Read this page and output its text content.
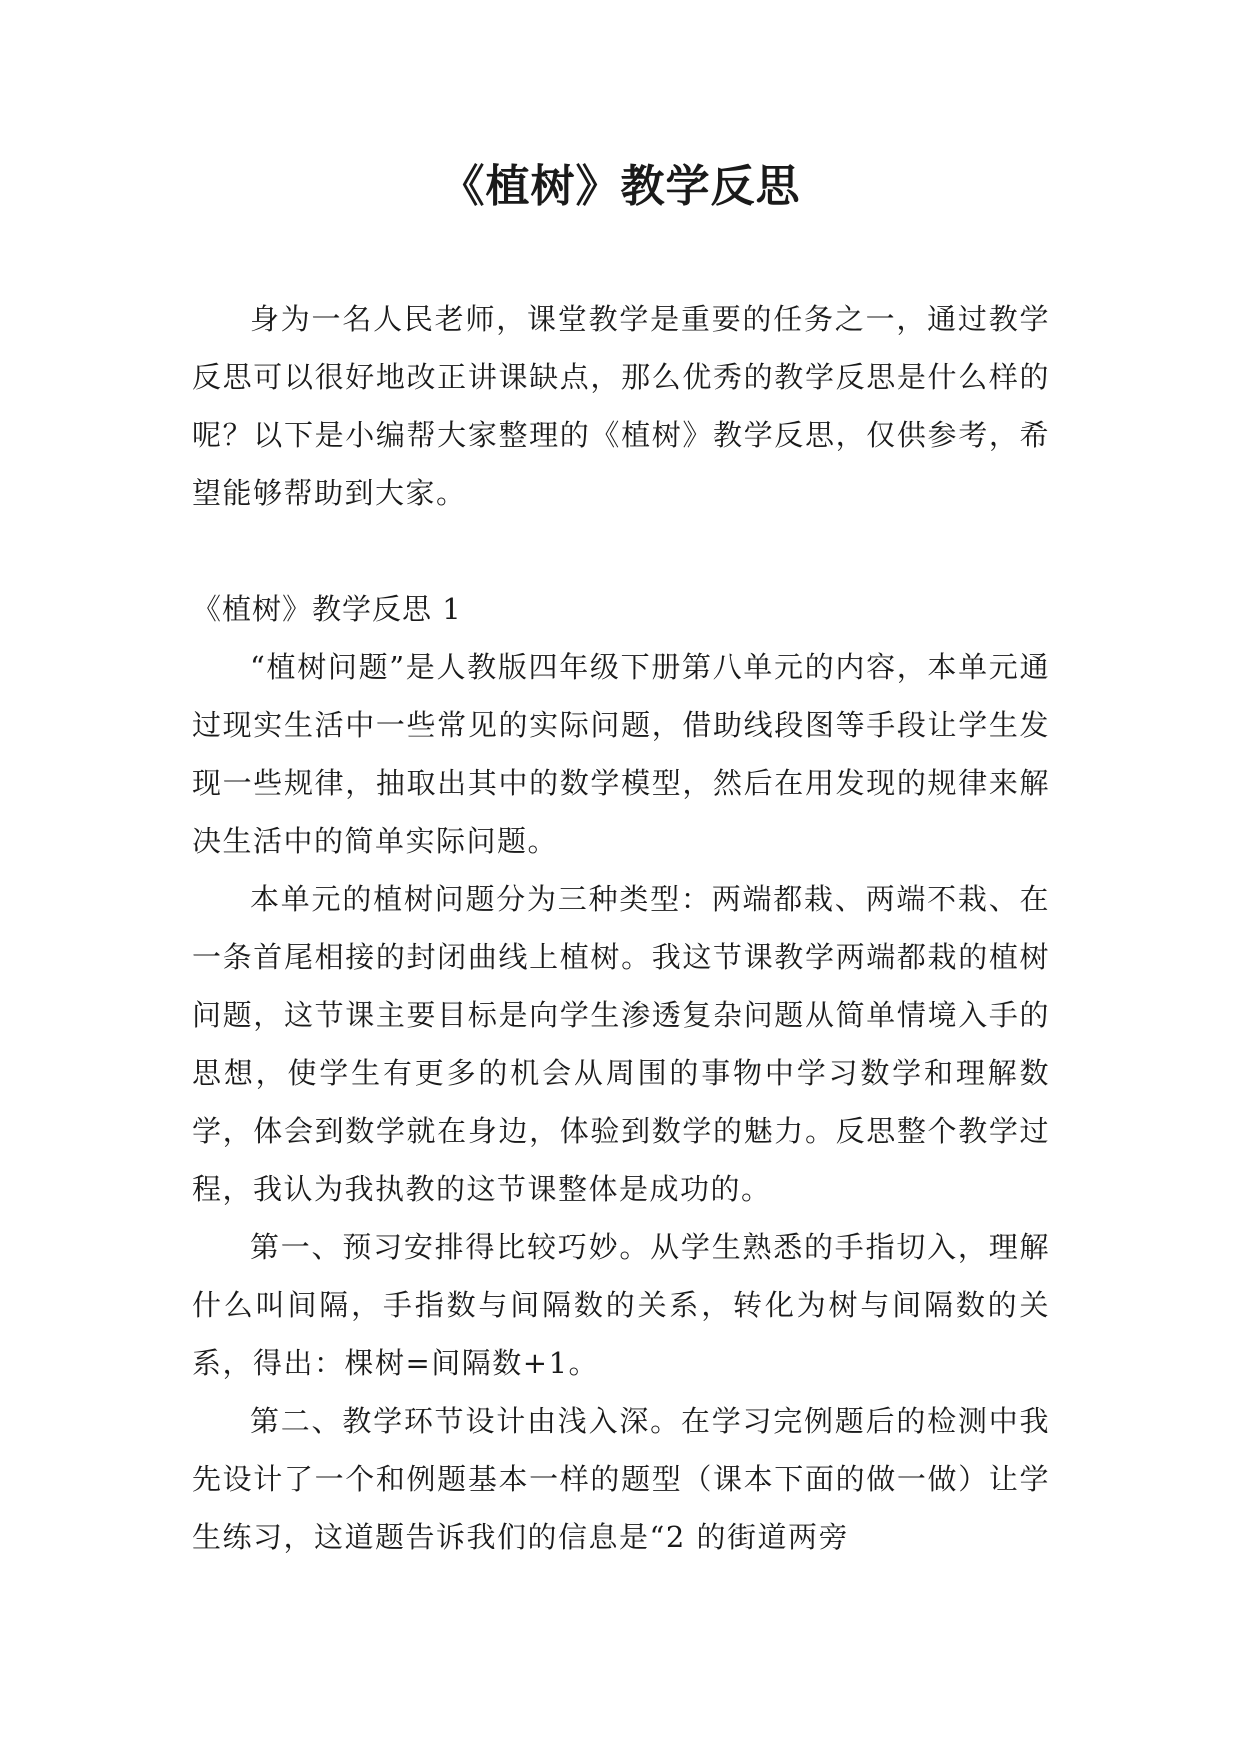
《植树》教学反思

身为一名人民老师，课堂教学是重要的任务之一，通过教学反思可以很好地改正讲课缺点，那么优秀的教学反思是什么样的呢？以下是小编帮大家整理的《植树》教学反思，仅供参考，希望能够帮助到大家。

《植树》教学反思 1

“植树问题”是人教版四年级下册第八单元的内容，本单元通过现实生活中一些常见的实际问题，借助线段图等手段让学生发现一些规律，抽取出其中的数学模型，然后在用发现的规律来解决生活中的简单实际问题。

本单元的植树问题分为三种类型：两端都栽、两端不栽、在一条首尾相接的封闭曲线上植树。我这节课教学两端都栽的植树问题，这节课主要目标是向学生渗透复杂问题从简单情境入手的思想，使学生有更多的机会从周围的事物中学习数学和理解数学，体会到数学就在身边，体验到数学的魅力。反思整个教学过程，我认为我执教的这节课整体是成功的。

第一、预习安排得比较巧妙。从学生熟悉的手指切入，理解什么叫间隔，手指数与间隔数的关系，转化为树与间隔数的关系，得出：棵树=间隔数+1。

第二、教学环节设计由浅入深。在学习完例题后的检测中我先设计了一个和例题基本一样的题型（课本下面的做一做）让学生练习，这道题告诉我们的信息是“2 的街道两旁
